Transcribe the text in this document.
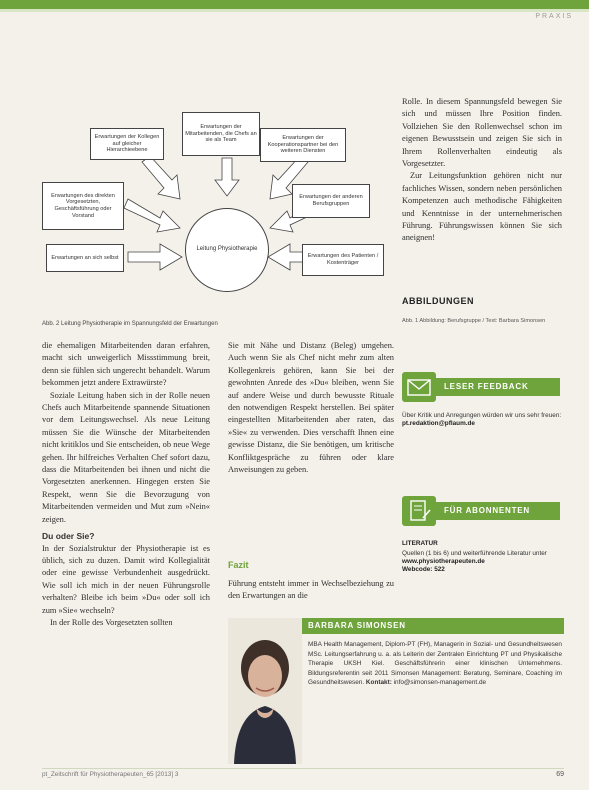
PRAXIS
Erwartungen der Mitarbeitenden, die Chefs an sie als Team
Erwartungen der Kollegen auf gleicher Hierarchieebene
Erwartungen der Kooperationspartner bei den weiteren Diensten
Erwartungen des direkten Vorgesetzten, Geschäftsführung oder Vorstand
Erwartungen der anderen Berufsgruppen
Erwartungen an sich selbst	Erwartungen des Patienten / Kostenträger
Leitung Physiotherapie
Abb. 2 Leitung Physiotherapie im Spannungsfeld der Erwartungen

die ehemaligen Mitarbeitenden daran erfahren, macht sich unweigerlich Missstimmung breit, denn sie fühlen sich ungerecht behandelt. Warum bekommen jetzt andere Extrawürste?

Soziale Leitung haben sich in der Rolle neuen Chefs auch Mitarbeitende spannende Situationen vor dem Leitungswechsel. Als neue Leitung müssen Sie die Wünsche der Mitarbeitenden nicht kritiklos und Sie entscheiden, ob neue Wege gehen. Ihr hilfreiches Verhalten Chef sofort dazu, dass die Mitarbeitenden bei ihnen und nicht die Vorgesetzten anerkennen. Hingegen ersten Sie Respekt, wenn Sie die Bevorzugung von Mitarbeitenden vermeiden und Mut zum »Nein« zeigen.

Du oder Sie?

In der Sozialstruktur der Physiotherapie ist es üblich, sich zu duzen. Damit wird Kollegialität oder eine gewisse Verbundenheit ausgedrückt. Wie soll ich mich in der neuen Führungsrolle verhalten? Bleibe ich beim »Du« oder soll ich zum »Sie« wechseln?

In der Rolle des Vorgesetzten sollten

Sie mit Nähe und Distanz (Beleg) umgehen. Auch wenn Sie als Chef nicht mehr zum alten Kollegenkreis gehören, kann Sie bei der gewohnten Anrede des »Du« bleiben, wenn Sie auf andere Weise und durch bewusste Rituale den notwendigen Respekt herstellen. Bei später eingestellten Mitarbeitenden aber raten, das »Sie« zu verwenden. Dies verschafft Ihnen eine gewisse Distanz, die Sie benötigen, um kritische Konfliktgespräche zu führen oder klare Anweisungen zu geben.

Fazit

Führung entsteht immer in Wechselbeziehung zu den Erwartungen an die

Rolle. In diesem Spannungsfeld bewegen Sie sich und müssen Ihre Position finden. Vollziehen Sie den Rollenwechsel schon im eigenen Bewusstsein und zeigen Sie sich in Ihrem Rollenverhalten eindeutig als Vorgesetzter.

Zur Leitungsfunktion gehören nicht nur fachliches Wissen, sondern neben persönlichen Kompetenzen auch methodische Fähigkeiten und Kenntnisse in der unternehmerischen Führung. Führungswissen können Sie sich aneignen!

ABBILDUNGEN
Abb. 1 Abbildung: Berufsgruppe / Text: Barbara Simonsen
LESER FEEDBACK
Über Kritik und Anregungen würden wir uns sehr freuen:
pt.redaktion@pflaum.de
FÜR ABONNENTEN
LITERATUR
Quellen (1 bis 6) und weiterführende Literatur unter
www.physiotherapeuten.de
Webcode: 522
BARBARA SIMONSEN
MBA Health Management, Diplom-PT (FH), Managerin in Sozial- und Gesundheitswesen MSc. Leitungserfahrung u. a. als Leiterin der Zentralen Einrichtung PT und Physikalische Therapie UKSH Kiel. Geschäftsführerin einer klinischen Unternehmens. Bildungsreferentin seit 2011 Simonsen Management: Beratung, Seminare, Coaching im Gesundheitswesen. Kontakt: info@simonsen-management.de
pt_Zeitschrift für Physiotherapeuten_65 [2013] 3	69
